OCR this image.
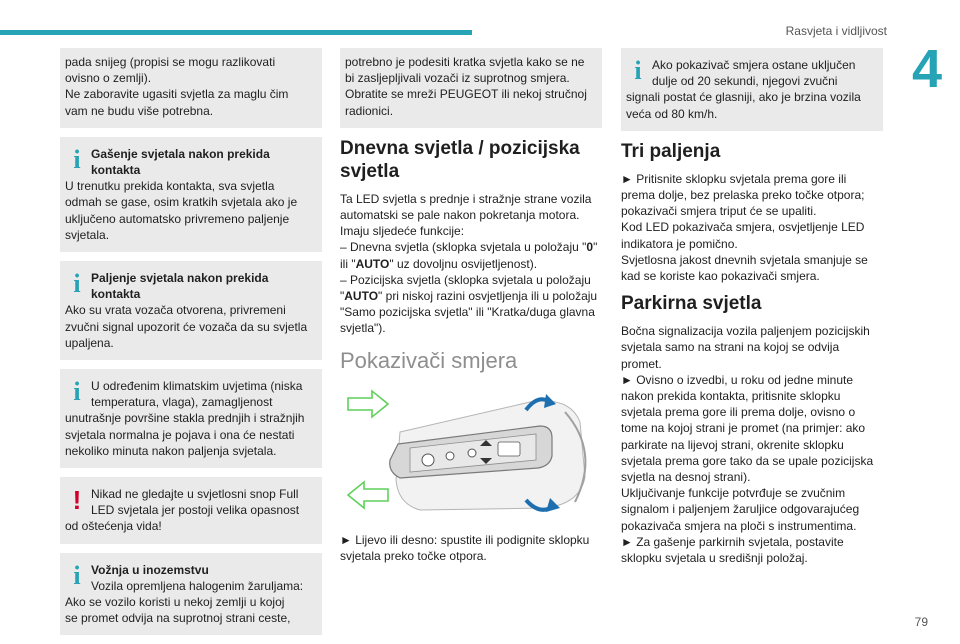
Rasvjeta i vidljivost
4
79
pada snijeg (propisi se mogu razlikovati
ovisno o zemlji).
Ne zaboravite ugasiti svjetla za maglu čim
vam ne budu više potrebna.
i Gašenje svjetala nakon prekida
kontakta
U trenutku prekida kontakta, sva svjetla
odmah se gase, osim kratkih svjetala ako je
uključeno automatsko privremeno paljenje
svjetala.
i Paljenje svjetala nakon prekida
kontakta
Ako su vrata vozača otvorena, privremeni
zvučni signal upozorit će vozača da su svjetla
upaljena.
i U određenim klimatskim uvjetima (niska
temperatura, vlaga), zamagljenost
unutrašnje površine stakla prednjih i stražnjih
svjetala normalna je pojava i ona će nestati
nekoliko minuta nakon paljenja svjetala.
! Nikad ne gledajte u svjetlosni snop Full
LED svjetala jer postoji velika opasnost
od oštećenja vida!
i Vožnja u inozemstvu
Vozila opremljena halogenim žaruljama:
Ako se vozilo koristi u nekoj zemlji u kojoj
se promet odvija na suprotnoj strani ceste,
potrebno je podesiti kratka svjetla kako se ne
bi zasljepljivali vozači iz suprotnog smjera.
Obratite se mreži PEUGEOT ili nekoj stručnoj
radionici.
Dnevna svjetla / pozicijska
svjetla
Ta LED svjetla s prednje i stražnje strane vozila
automatski se pale nakon pokretanja motora.
Imaju sljedeće funkcije:
– Dnevna svjetla (sklopka svjetala u položaju "0"
ili "AUTO" uz dovoljnu osvijetljenost).
– Pozicijska svjetla (sklopka svjetala u položaju
"AUTO" pri niskoj razini osvjetljenja ili u položaju
"Samo pozicijska svjetla" ili "Kratka/duga glavna
svjetla").
Pokazivači smjera
► Lijevo ili desno: spustite ili podignite sklopku
svjetala preko točke otpora.
i Ako pokazivač smjera ostane uključen
dulje od 20 sekundi, njegovi zvučni
signali postat će glasniji, ako je brzina vozila
veća od 80 km/h.
Tri paljenja
► Pritisnite sklopku svjetala prema gore ili
prema dolje, bez prelaska preko točke otpora;
pokazivači smjera triput će se upaliti.
Kod LED pokazivača smjera, osvjetljenje LED
indikatora je pomično.
Svjetlosna jakost dnevnih svjetala smanjuje se
kad se koriste kao pokazivači smjera.
Parkirna svjetla
Bočna signalizacija vozila paljenjem pozicijskih
svjetala samo na strani na kojoj se odvija
promet.
► Ovisno o izvedbi, u roku od jedne minute
nakon prekida kontakta, pritisnite sklopku
svjetala prema gore ili prema dolje, ovisno o
tome na kojoj strani je promet (na primjer: ako
parkirate na lijevoj strani, okrenite sklopku
svjetala prema gore tako da se upale pozicijska
svjetla na desnoj strani).
Uključivanje funkcije potvrđuje se zvučnim
signalom i paljenjem žaruljice odgovarajućeg
pokazivača smjera na ploči s instrumentima.
► Za gašenje parkirnih svjetala, postavite
sklopku svjetala u središnji položaj.
